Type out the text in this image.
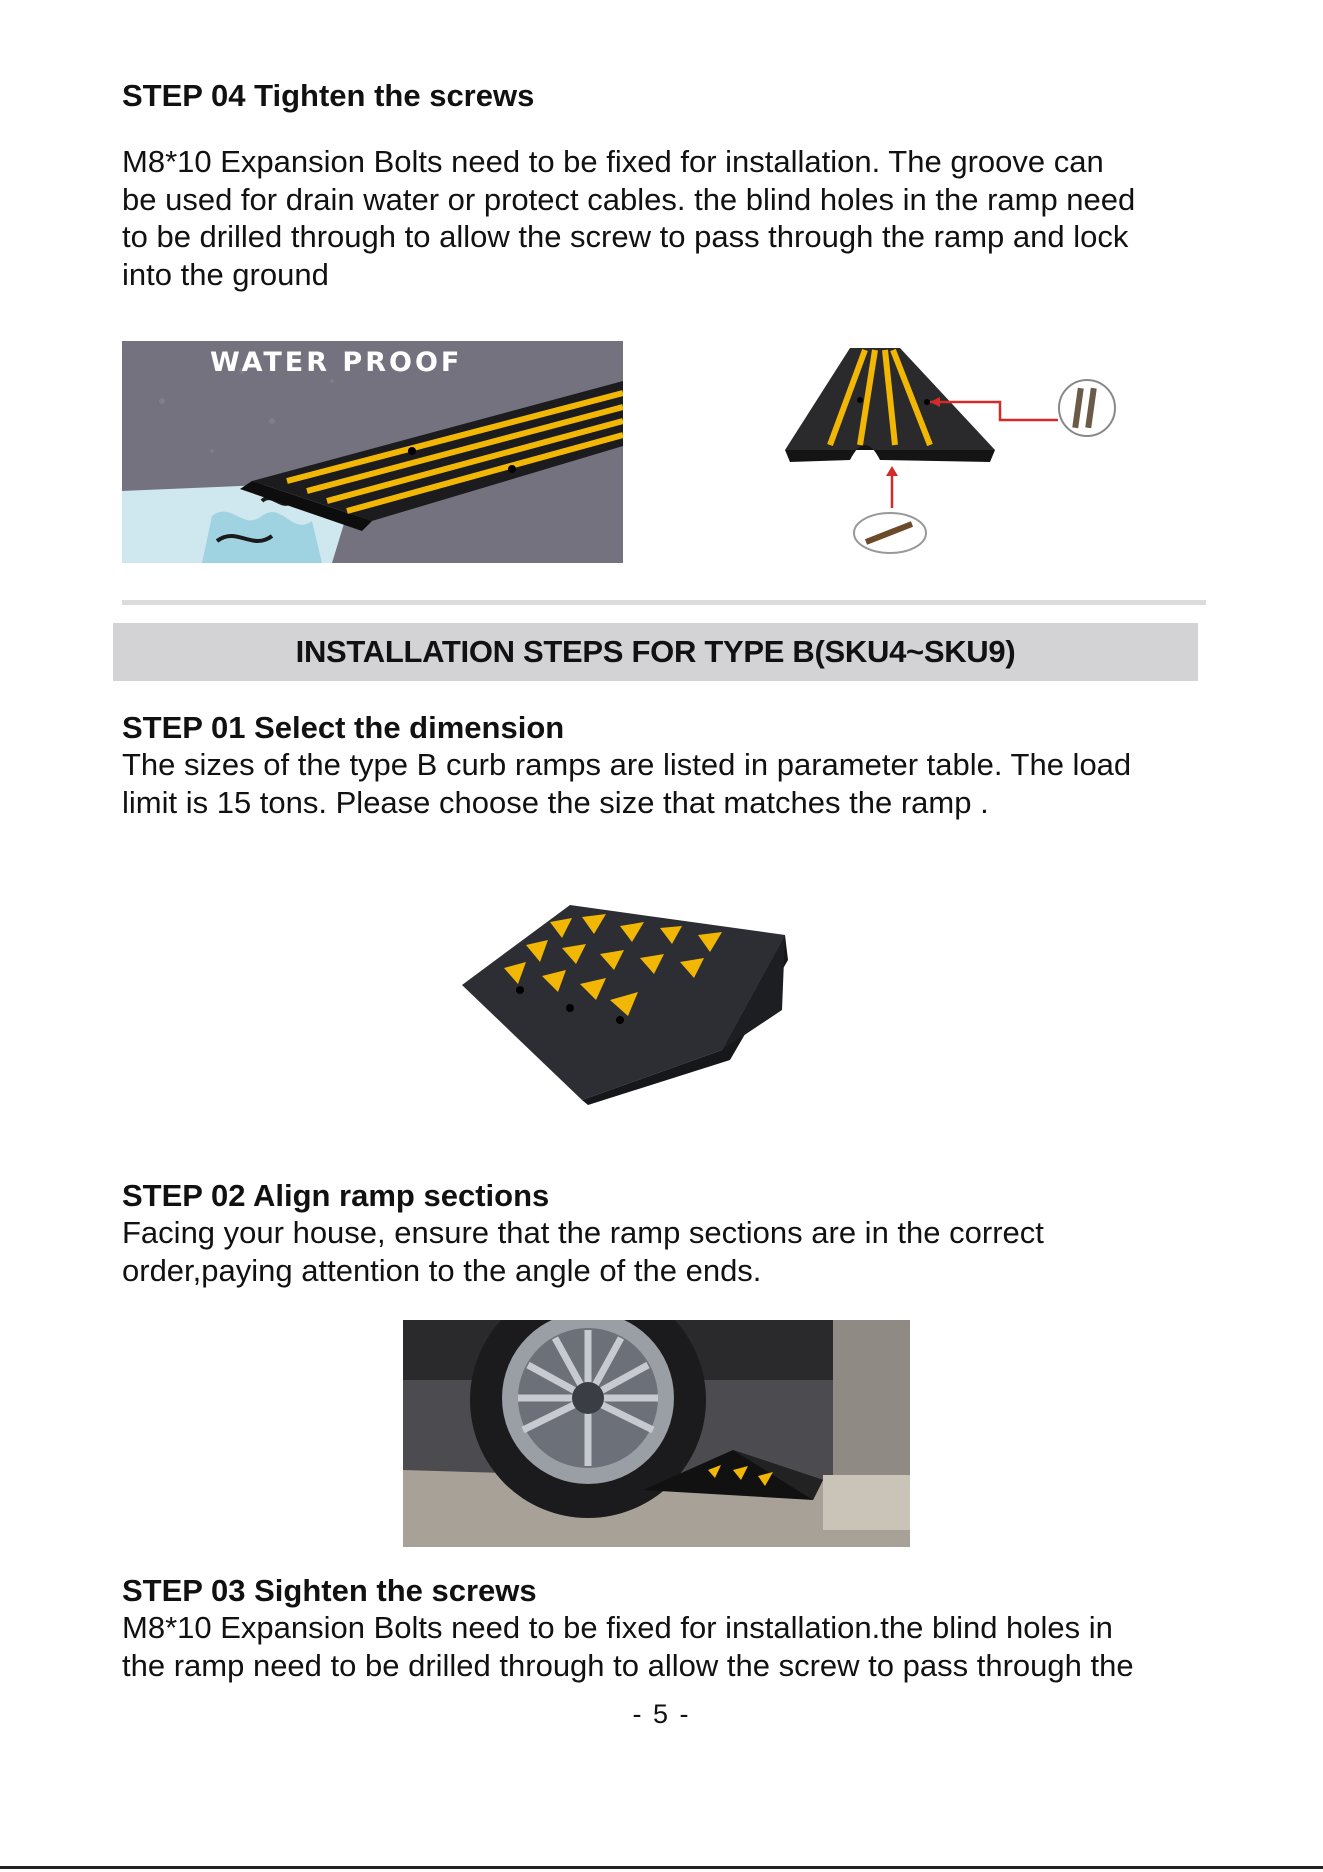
STEP 04 Tighten the screws
M8*10 Expansion Bolts need to be fixed for installation. The groove can
be used for drain water or protect cables. the blind holes in the ramp need
to be drilled through to allow the screw to pass through the ramp and lock
into the ground
WATER PROOF
INSTALLATION STEPS FOR TYPE B(SKU4~SKU9)
STEP 01 Select the dimension
The sizes of the type B curb ramps are listed in parameter table. The load
limit is 15 tons. Please choose the size that matches the ramp .
STEP 02 Align ramp sections
Facing your house, ensure that the ramp sections are in the correct
order,paying attention to the angle of the ends.
STEP 03 Sighten the screws
M8*10 Expansion Bolts need to be fixed for installation.the blind holes in
the ramp need to be drilled through to allow the screw to pass through the
- 5 -
